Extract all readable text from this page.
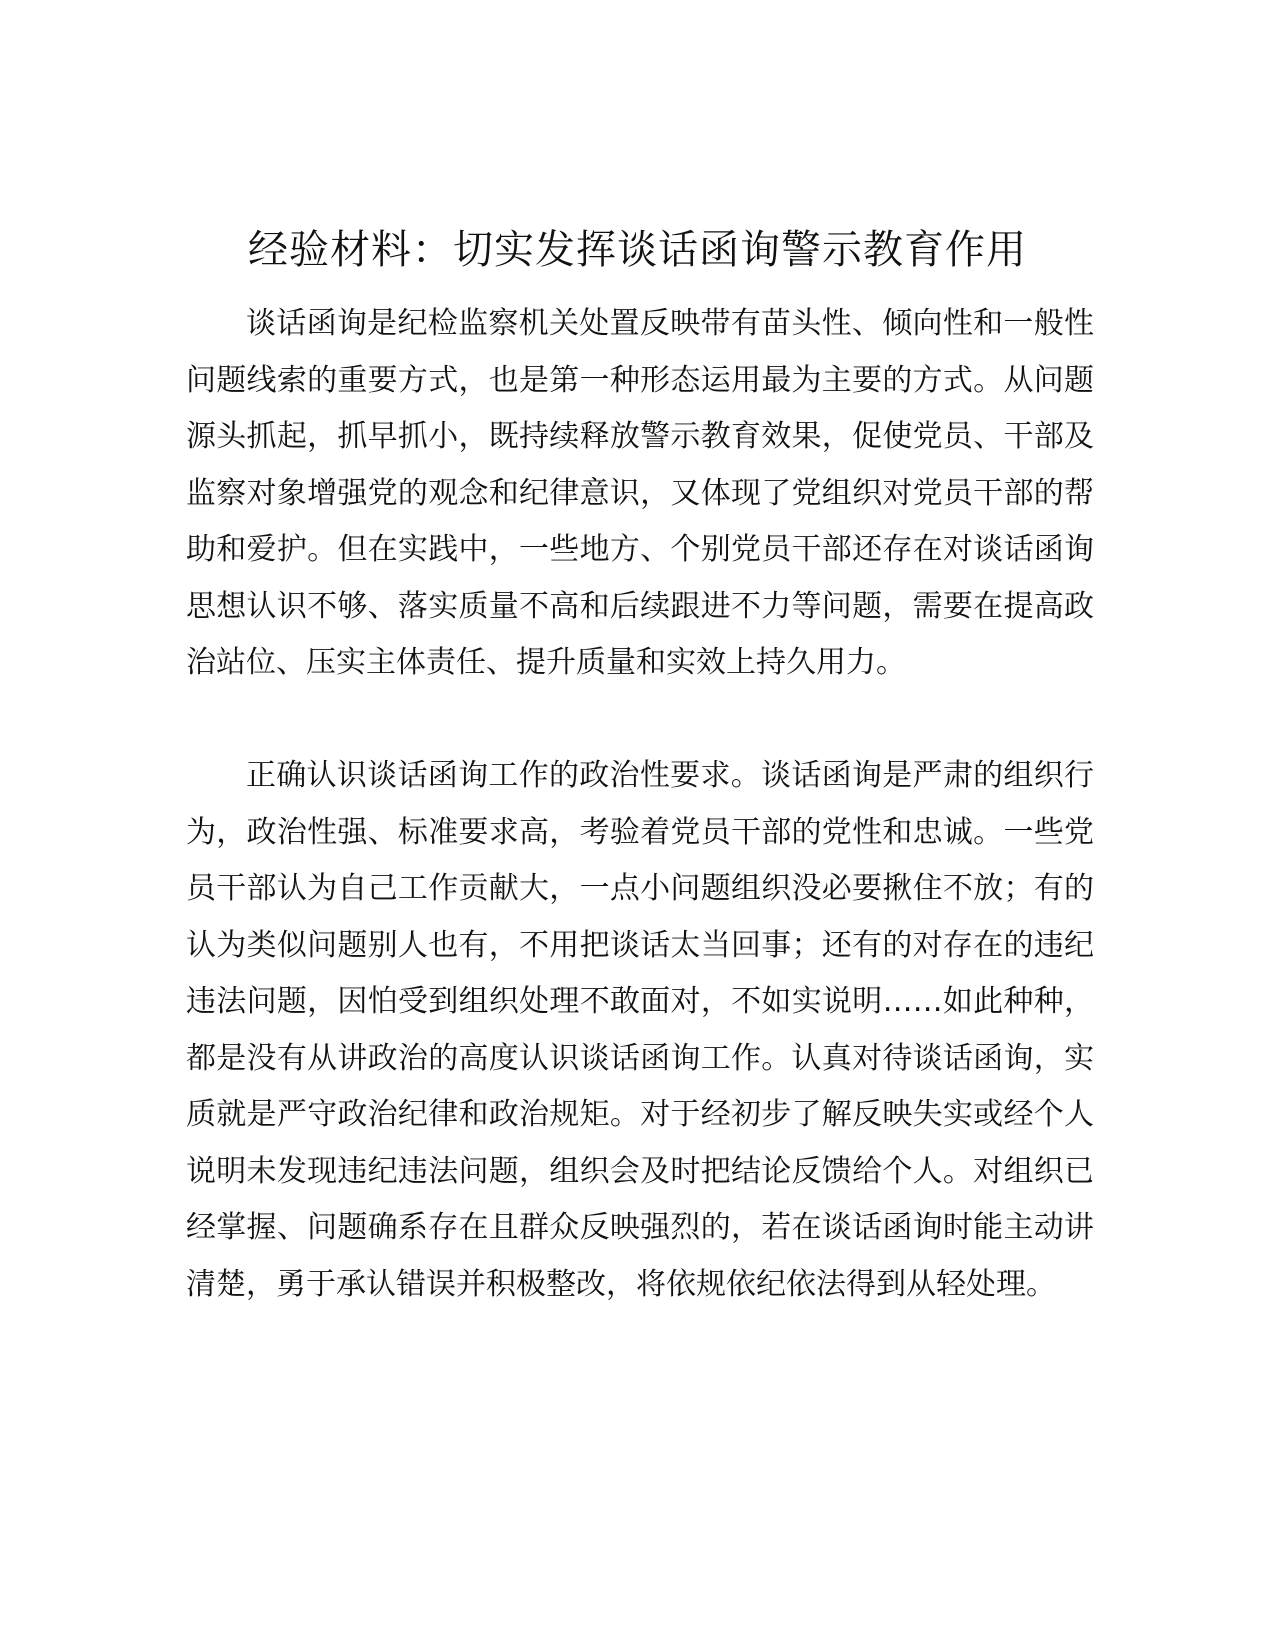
经验材料：切实发挥谈话函询警示教育作用

谈话函询是纪检监察机关处置反映带有苗头性、倾向性和一般性问题线索的重要方式，也是第一种形态运用最为主要的方式。从问题源头抓起，抓早抓小，既持续释放警示教育效果，促使党员、干部及监察对象增强党的观念和纪律意识，又体现了党组织对党员干部的帮助和爱护。但在实践中，一些地方、个别党员干部还存在对谈话函询思想认识不够、落实质量不高和后续跟进不力等问题，需要在提高政治站位、压实主体责任、提升质量和实效上持久用力。

正确认识谈话函询工作的政治性要求。谈话函询是严肃的组织行为，政治性强、标准要求高，考验着党员干部的党性和忠诚。一些党员干部认为自己工作贡献大，一点小问题组织没必要揪住不放；有的认为类似问题别人也有，不用把谈话太当回事；还有的对存在的违纪违法问题，因怕受到组织处理不敢面对，不如实说明……如此种种，都是没有从讲政治的高度认识谈话函询工作。认真对待谈话函询，实质就是严守政治纪律和政治规矩。对于经初步了解反映失实或经个人说明未发现违纪违法问题，组织会及时把结论反馈给个人。对组织已经掌握、问题确系存在且群众反映强烈的，若在谈话函询时能主动讲清楚，勇于承认错误并积极整改，将依规依纪依法得到从轻处理。
